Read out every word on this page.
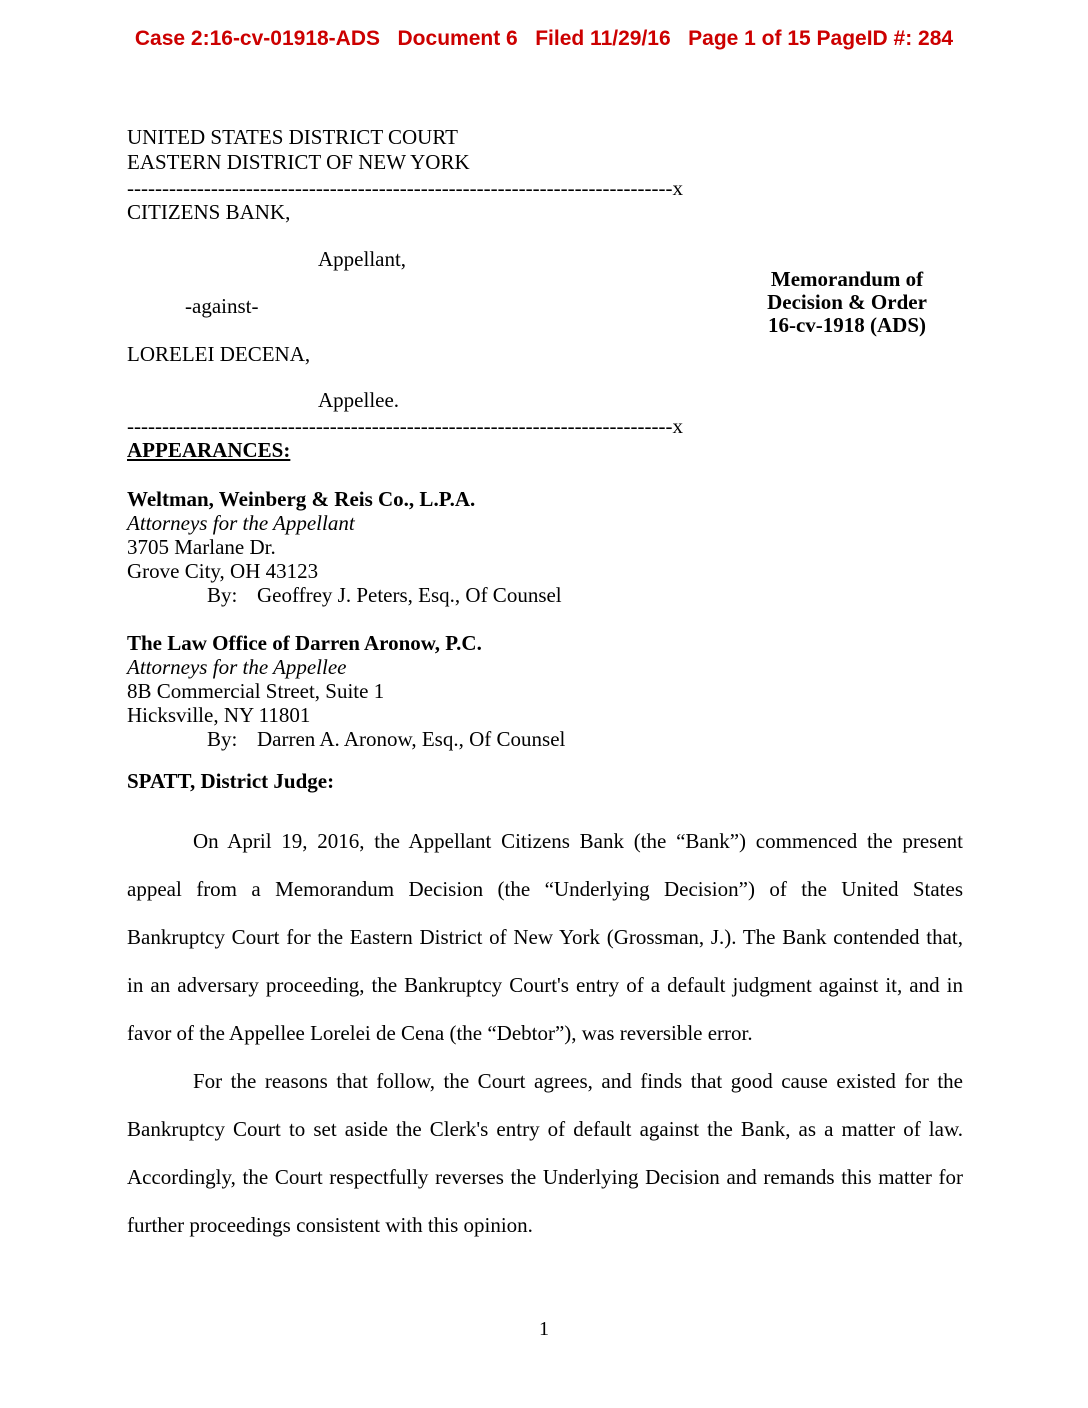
Case 2:16-cv-01918-ADS   Document 6   Filed 11/29/16   Page 1 of 15 PageID #: 284
Memorandum of
Decision & Order
16-cv-1918 (ADS)
UNITED STATES DISTRICT COURT
EASTERN DISTRICT OF NEW YORK
------------------------------------------------------------------------------x
CITIZENS BANK,
Appellant,
-against-
LORELEI DECENA,
Appellee.
------------------------------------------------------------------------------x
APPEARANCES:
Weltman, Weinberg & Reis Co., L.P.A.
Attorneys for the Appellant
3705 Marlane Dr.
Grove City, OH 43123
By: Geoffrey J. Peters, Esq., Of Counsel
The Law Office of Darren Aronow, P.C.
Attorneys for the Appellee
8B Commercial Street, Suite 1
Hicksville, NY 11801
By: Darren A. Aronow, Esq., Of Counsel
SPATT, District Judge:

On April 19, 2016, the Appellant Citizens Bank (the “Bank”) commenced the present appeal from a Memorandum Decision (the “Underlying Decision”) of the United States Bankruptcy Court for the Eastern District of New York (Grossman, J.). The Bank contended that, in an adversary proceeding, the Bankruptcy Court's entry of a default judgment against it, and in favor of the Appellee Lorelei de Cena (the “Debtor”), was reversible error.

For the reasons that follow, the Court agrees, and finds that good cause existed for the Bankruptcy Court to set aside the Clerk's entry of default against the Bank, as a matter of law. Accordingly, the Court respectfully reverses the Underlying Decision and remands this matter for further proceedings consistent with this opinion.

1
